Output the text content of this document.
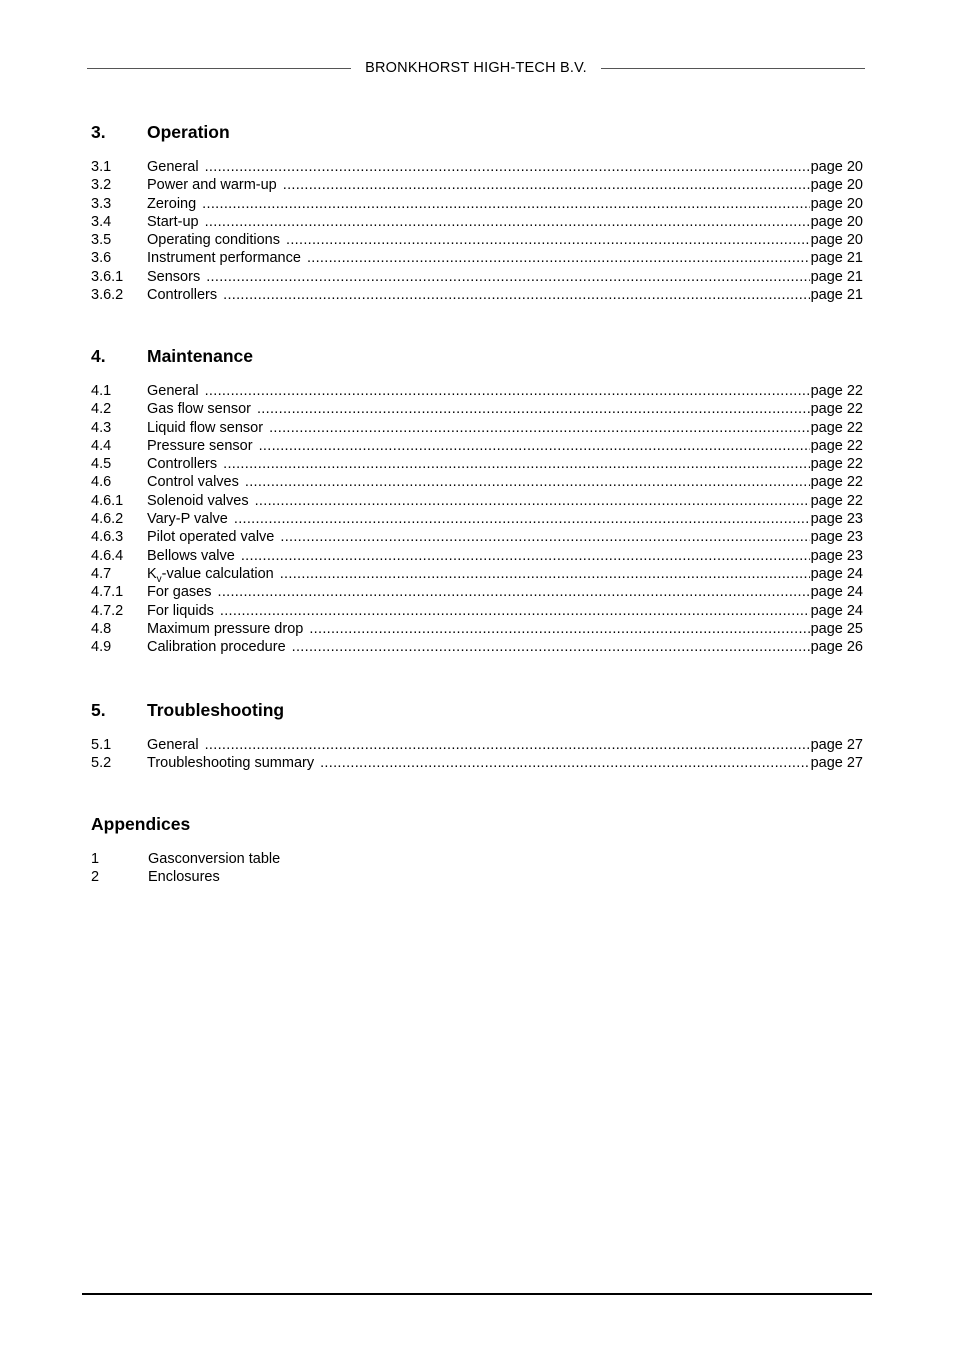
BRONKHORST HIGH-TECH B.V.
3.	Operation
3.1	General .....	page 20
3.2	Power and warm-up .....	page 20
3.3	Zeroing .....	page 20
3.4	Start-up .....	page 20
3.5	Operating conditions .....	page 20
3.6	Instrument performance .....	page 21
3.6.1	Sensors .....	page 21
3.6.2	Controllers .....	page 21
4.	Maintenance
4.1	General .....	page 22
4.2	Gas flow sensor .....	page 22
4.3	Liquid flow sensor .....	page 22
4.4	Pressure sensor .....	page 22
4.5	Controllers .....	page 22
4.6	Control valves .....	page 22
4.6.1	Solenoid valves .....	page 22
4.6.2	Vary-P valve .....	page 23
4.6.3	Pilot operated valve .....	page 23
4.6.4	Bellows valve .....	page 23
4.7	$K_v$-value calculation .....	page 24
4.7.1	For gases .....	page 24
4.7.2	For liquids .....	page 24
4.8	Maximum pressure drop .....	page 25
4.9	Calibration procedure .....	page 26
5.	Troubleshooting
5.1	General .....	page 27
5.2	Troubleshooting summary .....	page 27
Appendices
1	Gasconversion table
2	Enclosures
